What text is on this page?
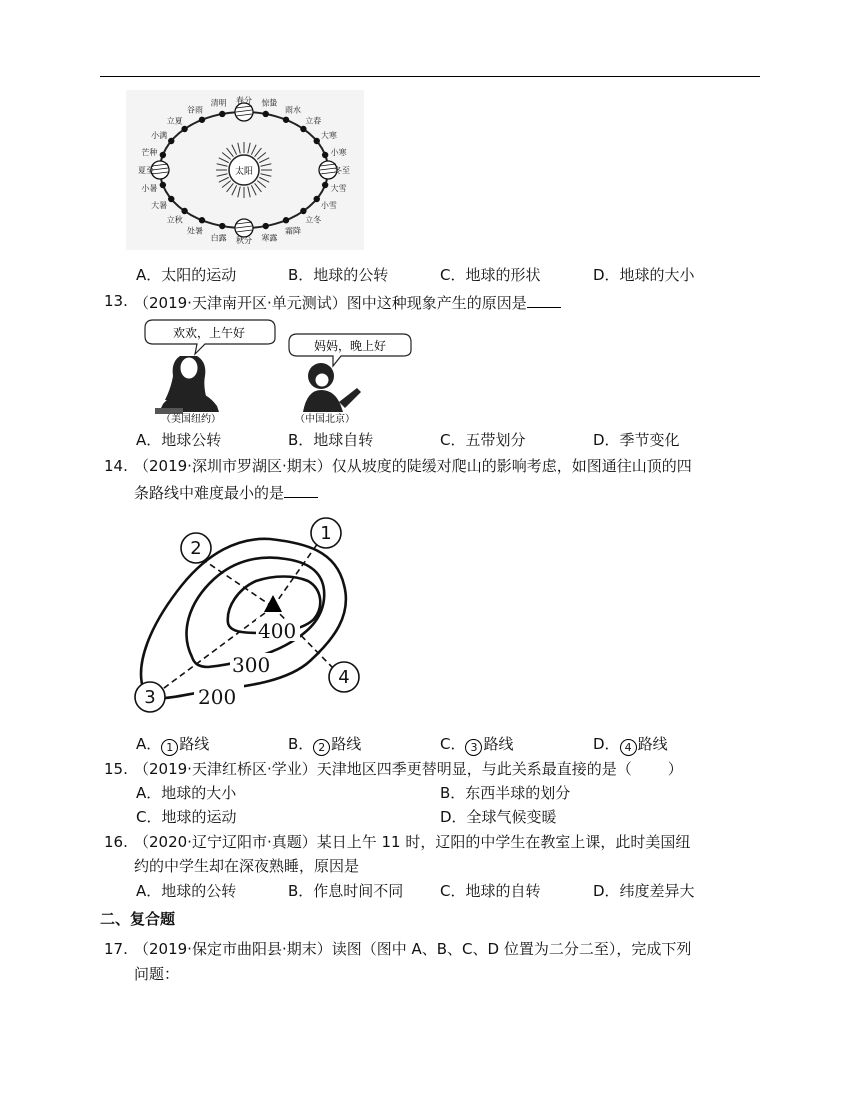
太阳
春分 惊蛰
雨水
立春
大寒
小寒
冬至
大雪
小雪
立冬
霜降
寒露
秋分
白露
处暑
立秋
大暑
小暑
夏至
芒种
小满
立夏
谷雨
清明
A．太阳的运动	B．地球的公转	C．地球的形状	D．地球的大小
13. （2019·天津南开区·单元测试）图中这种现象产生的原因是
欢欢，上午好
（美国纽约）
妈妈，晚上好
（中国北京）
A．地球公转	B．地球自转	C．五带划分	D．季节变化
14. （2019·深圳市罗湖区·期末）仅从坡度的陡缓对爬山的影响考虑，如图通往山顶的四
条路线中难度最小的是
400
300
200
1
2
3
4
A． 1 路线	B． 2 路线	C． 3 路线	D． 4 路线
15. （2019·天津红桥区·学业）天津地区四季更替明显，与此关系最直接的是（ ）
A．地球的大小	B．东西半球的划分
C．地球的运动	D．全球气候变暖
16. （2020·辽宁辽阳市·真题）某日上午 11 时，辽阳的中学生在教室上课，此时美国纽
约的中学生却在深夜熟睡，原因是
A．地球的公转	B．作息时间不同 C．地球的自转	D．纬度差异大
二、复合题
17. （2019·保定市曲阳县·期末）读图（图中 A、B、C、D 位置为二分二至），完成下列
问题：
